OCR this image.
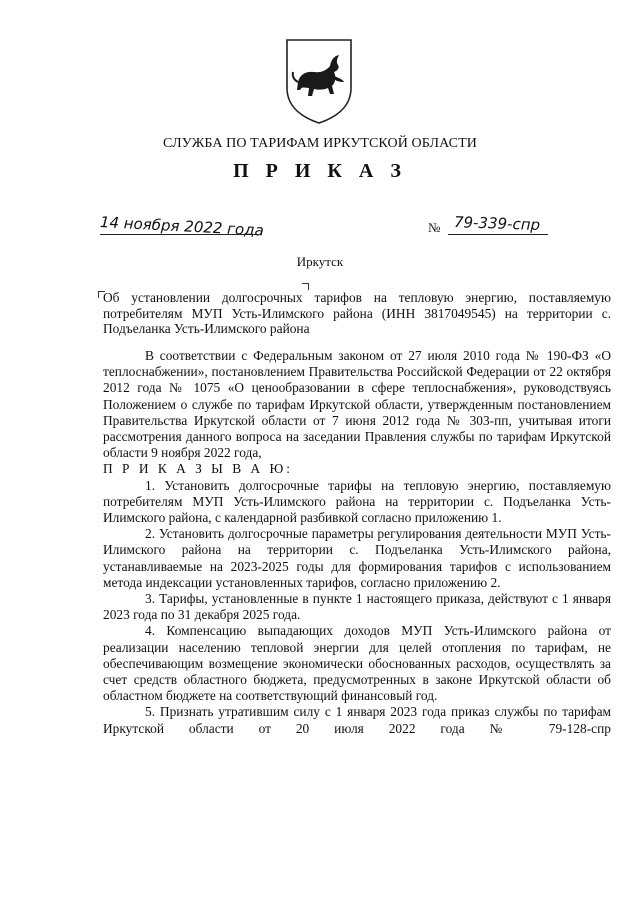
СЛУЖБА ПО ТАРИФАМ ИРКУТСКОЙ ОБЛАСТИ
П Р И К А З
14 ноября 2022 года	№ 79-339-спр
Иркутск
Об установлении долгосрочных тарифов на тепловую энергию, поставляемую потребителям МУП Усть-Илимского района (ИНН 3817049545) на территории с. Подъеланка Усть-Илимского района

В соответствии с Федеральным законом от 27 июля 2010 года № 190-ФЗ «О теплоснабжении», постановлением Правительства Российской Федерации от 22 октября 2012 года № 1075 «О ценообразовании в сфере теплоснабжения», руководствуясь Положением о службе по тарифам Иркутской области, утвержденным постановлением Правительства Иркутской области от 7 июня 2012 года № 303-пп, учитывая итоги рассмотрения данного вопроса на заседании Правления службы по тарифам Иркутской области 9 ноября 2022 года,

П Р И К А З Ы В А Ю:

1. Установить долгосрочные тарифы на тепловую энергию, поставляемую потребителям МУП Усть-Илимского района на территории с. Подъеланка Усть-Илимского района, с календарной разбивкой согласно приложению 1.

2. Установить долгосрочные параметры регулирования деятельности МУП Усть-Илимского района на территории с. Подъеланка Усть-Илимского района, устанавливаемые на 2023-2025 годы для формирования тарифов с использованием метода индексации установленных тарифов, согласно приложению 2.

3. Тарифы, установленные в пункте 1 настоящего приказа, действуют с 1 января 2023 года по 31 декабря 2025 года.

4. Компенсацию выпадающих доходов МУП Усть-Илимского района от реализации населению тепловой энергии для целей отопления по тарифам, не обеспечивающим возмещение экономически обоснованных расходов, осуществлять за счет средств областного бюджета, предусмотренных в законе Иркутской области об областном бюджете на соответствующий финансовый год.

5. Признать утратившим силу с 1 января 2023 года приказ службы по тарифам Иркутской области от 20 июля 2022 года № 79-128-спр
